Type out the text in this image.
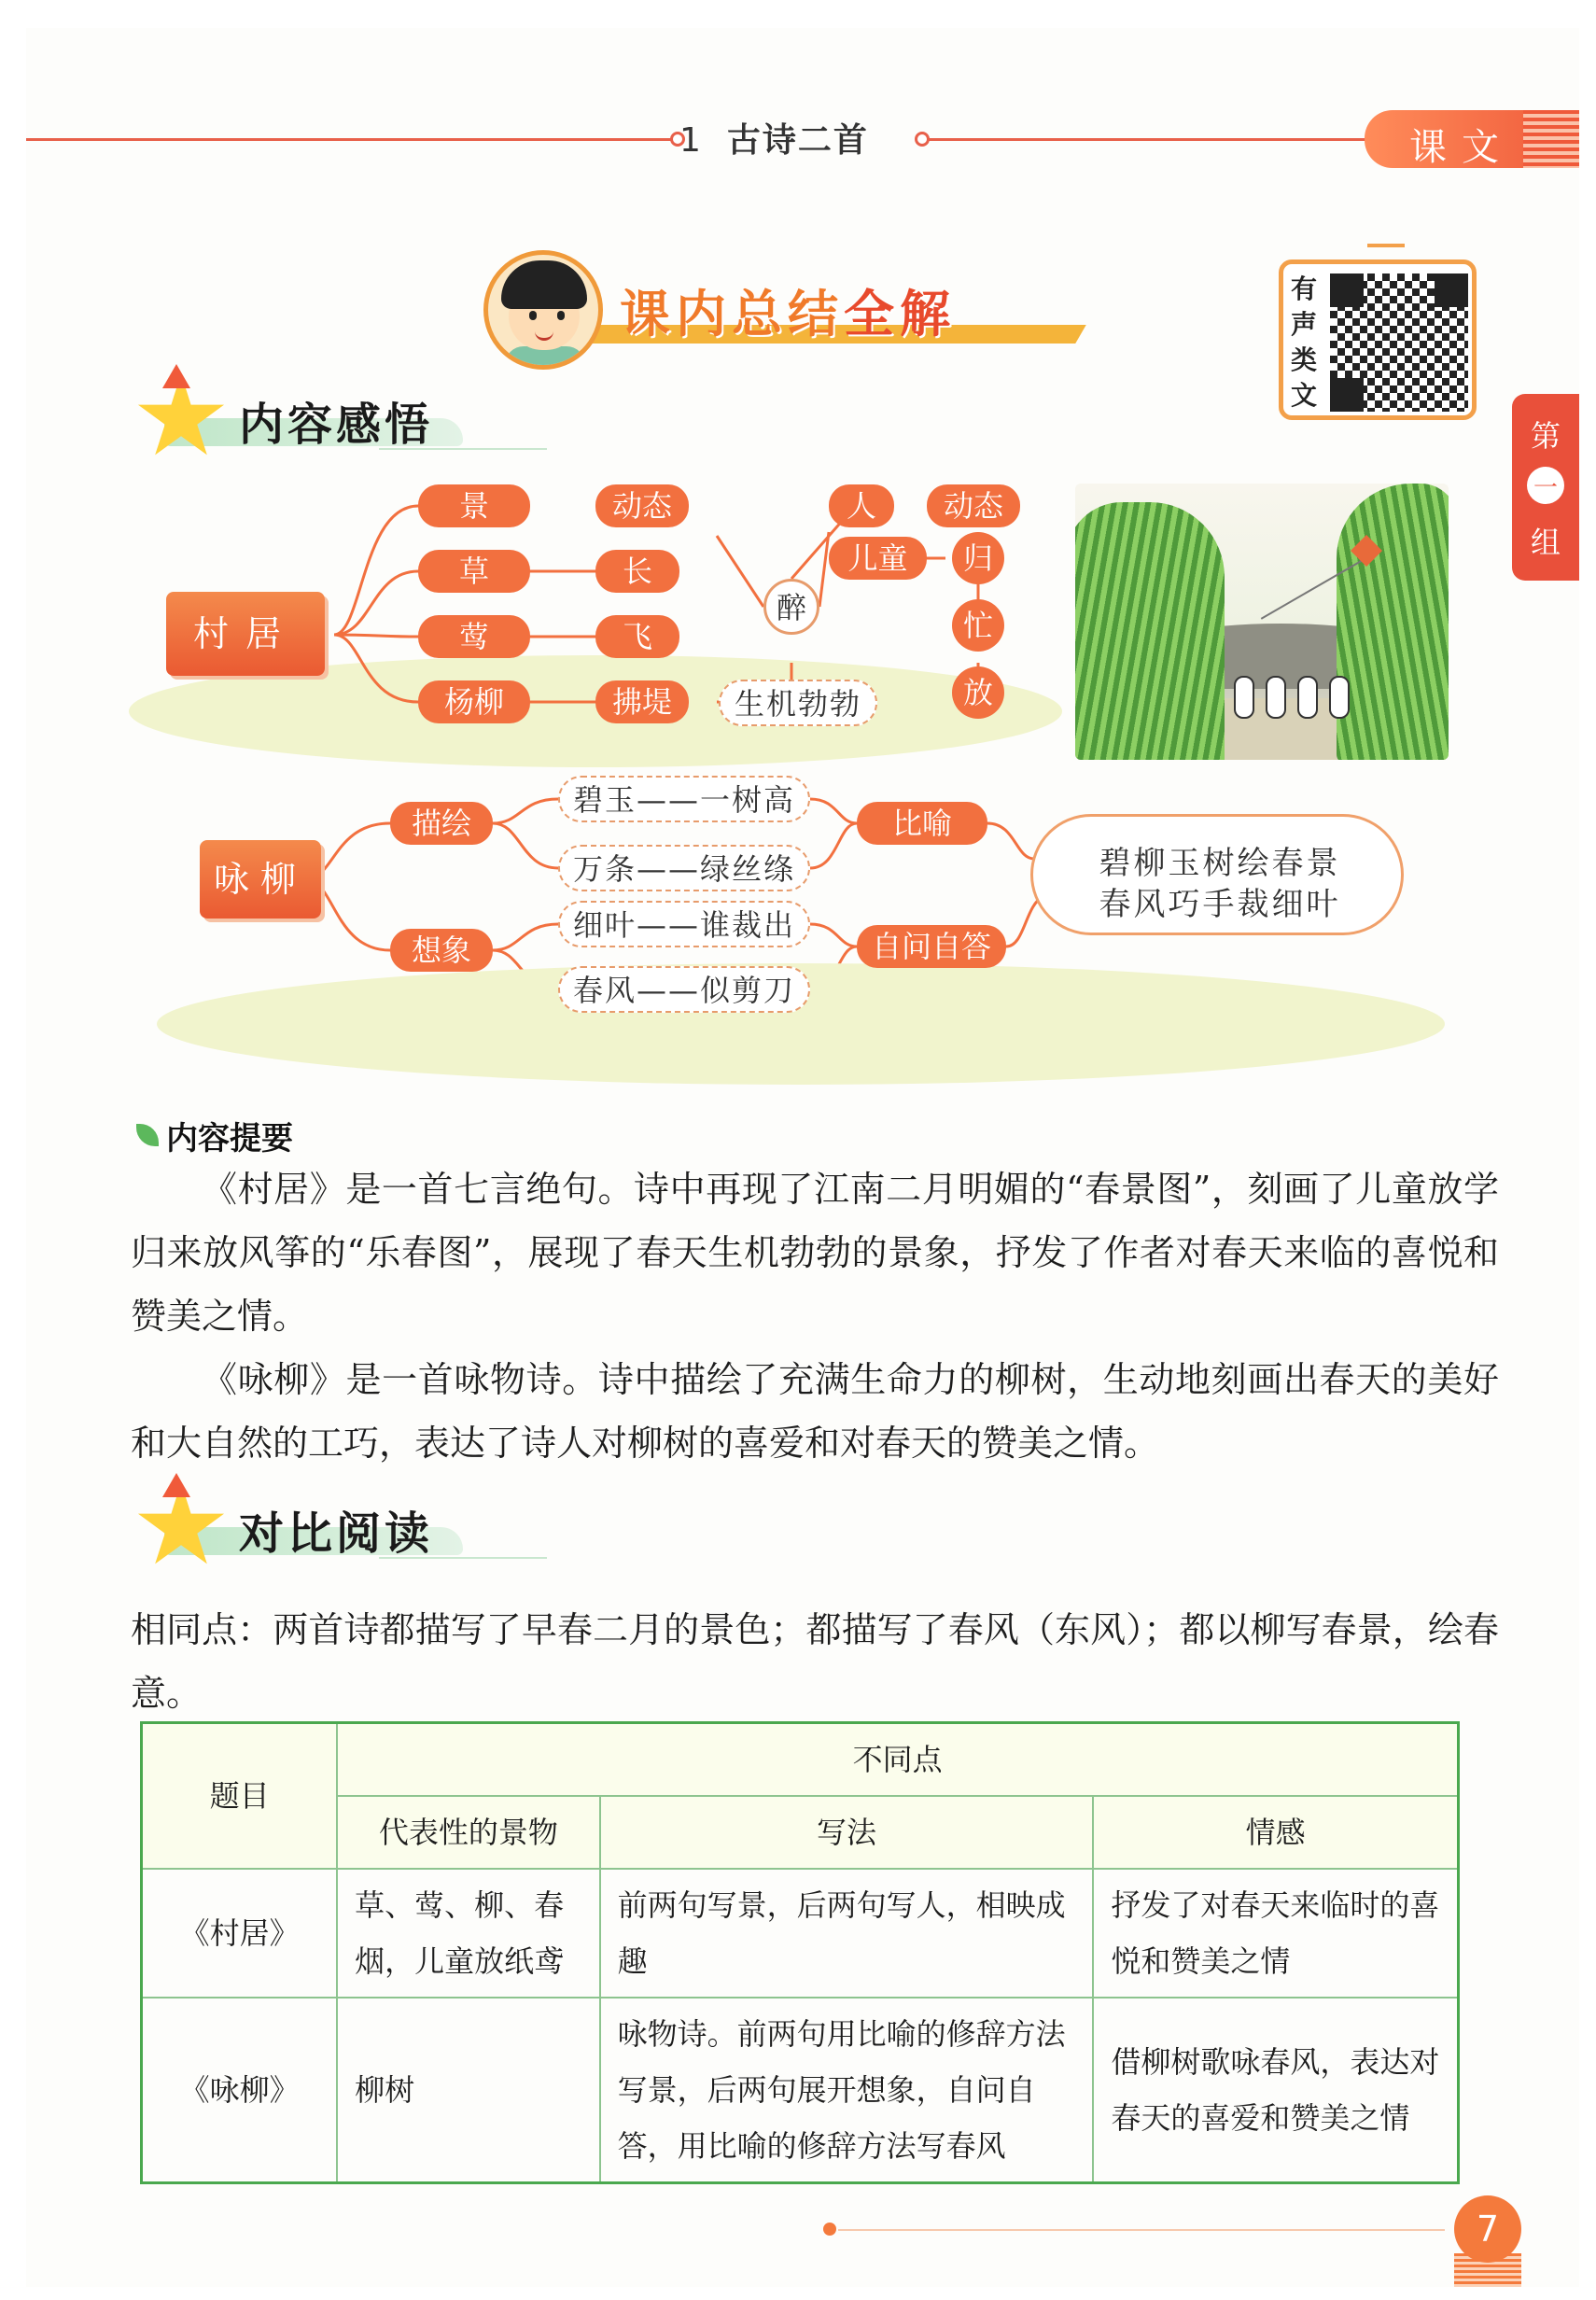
1 古诗二首	课文
课内总结全解	有声类文
第
一
组
内容感悟
村居
景
草
莺
杨柳
动态
长
飞
拂堤
醉
生机勃勃
人
儿童
动态
归
忙
放
咏柳
描绘
想象
碧玉——一树高
万条——绿丝绦
细叶——谁裁出
春风——似剪刀
比喻
自问自答
碧柳玉树绘春景
春风巧手裁细叶
内容提要

《村居》是一首七言绝句。诗中再现了江南二月明媚的“春景图”，刻画了儿童放学归来放风筝的“乐春图”，展现了春天生机勃勃的景象，抒发了作者对春天来临的喜悦和赞美之情。

《咏柳》是一首咏物诗。诗中描绘了充满生命力的柳树，生动地刻画出春天的美好和大自然的工巧，表达了诗人对柳树的喜爱和对春天的赞美之情。

对比阅读

相同点：两首诗都描写了早春二月的景色；都描写了春风（东风）；都以柳写春景，绘春意。

题目	不同点		
	代表性的景物	写法	情感
《村居》	草、莺、柳、春烟，儿童放纸鸢	前两句写景，后两句写人，相映成趣	抒发了对春天来临时的喜悦和赞美之情
《咏柳》	柳树	咏物诗。前两句用比喻的修辞方法写景，后两句展开想象，自问自答，用比喻的修辞方法写春风	借柳树歌咏春风，表达对春天的喜爱和赞美之情
7
